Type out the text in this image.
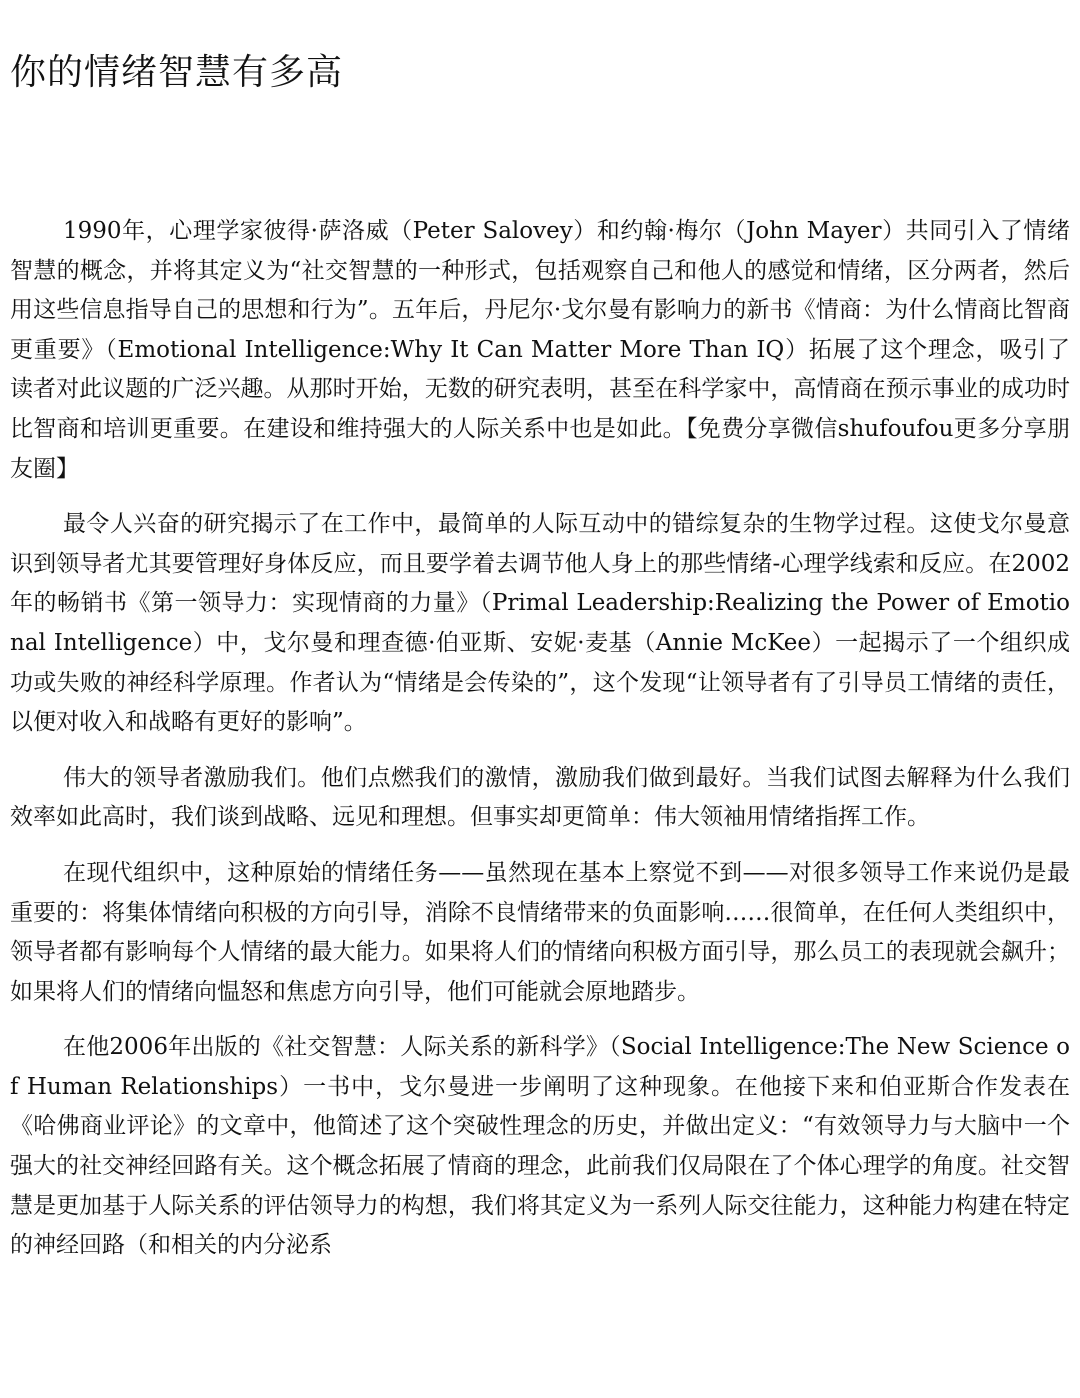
你的情绪智慧有多高

1990年，心理学家彼得·萨洛威（Peter Salovey）和约翰·梅尔（John Mayer）共同引入了情绪智慧的概念，并将其定义为“社交智慧的一种形式，包括观察自己和他人的感觉和情绪，区分两者，然后用这些信息指导自己的思想和行为”。五年后，丹尼尔·戈尔曼有影响力的新书《情商：为什么情商比智商更重要》（Emotional Intelligence:Why It Can Matter More Than IQ）拓展了这个理念，吸引了读者对此议题的广泛兴趣。从那时开始，无数的研究表明，甚至在科学家中，高情商在预示事业的成功时比智商和培训更重要。在建设和维持强大的人际关系中也是如此。【免费分享微信shufoufou更多分享朋友圈】

最令人兴奋的研究揭示了在工作中，最简单的人际互动中的错综复杂的生物学过程。这使戈尔曼意识到领导者尤其要管理好身体反应，而且要学着去调节他人身上的那些情绪-心理学线索和反应。在2002年的畅销书《第一领导力：实现情商的力量》（Primal Leadership:Realizing the Power of Emotional Intelligence）中，戈尔曼和理查德·伯亚斯、安妮·麦基（Annie McKee）一起揭示了一个组织成功或失败的神经科学原理。作者认为“情绪是会传染的”，这个发现“让领导者有了引导员工情绪的责任，以便对收入和战略有更好的影响”。

伟大的领导者激励我们。他们点燃我们的激情，激励我们做到最好。当我们试图去解释为什么我们效率如此高时，我们谈到战略、远见和理想。但事实却更简单：伟大领袖用情绪指挥工作。

在现代组织中，这种原始的情绪任务——虽然现在基本上察觉不到——对很多领导工作来说仍是最重要的：将集体情绪向积极的方向引导，消除不良情绪带来的负面影响……很简单，在任何人类组织中，领导者都有影响每个人情绪的最大能力。如果将人们的情绪向积极方面引导，那么员工的表现就会飙升；如果将人们的情绪向愠怒和焦虑方向引导，他们可能就会原地踏步。

在他2006年出版的《社交智慧：人际关系的新科学》（Social Intelligence:The New Science of Human Relationships）一书中，戈尔曼进一步阐明了这种现象。在他接下来和伯亚斯合作发表在《哈佛商业评论》的文章中，他简述了这个突破性理念的历史，并做出定义：“有效领导力与大脑中一个强大的社交神经回路有关。这个概念拓展了情商的理念，此前我们仅局限在了个体心理学的角度。社交智慧是更加基于人际关系的评估领导力的构想，我们将其定义为一系列人际交往能力，这种能力构建在特定的神经回路（和相关的内分泌系
